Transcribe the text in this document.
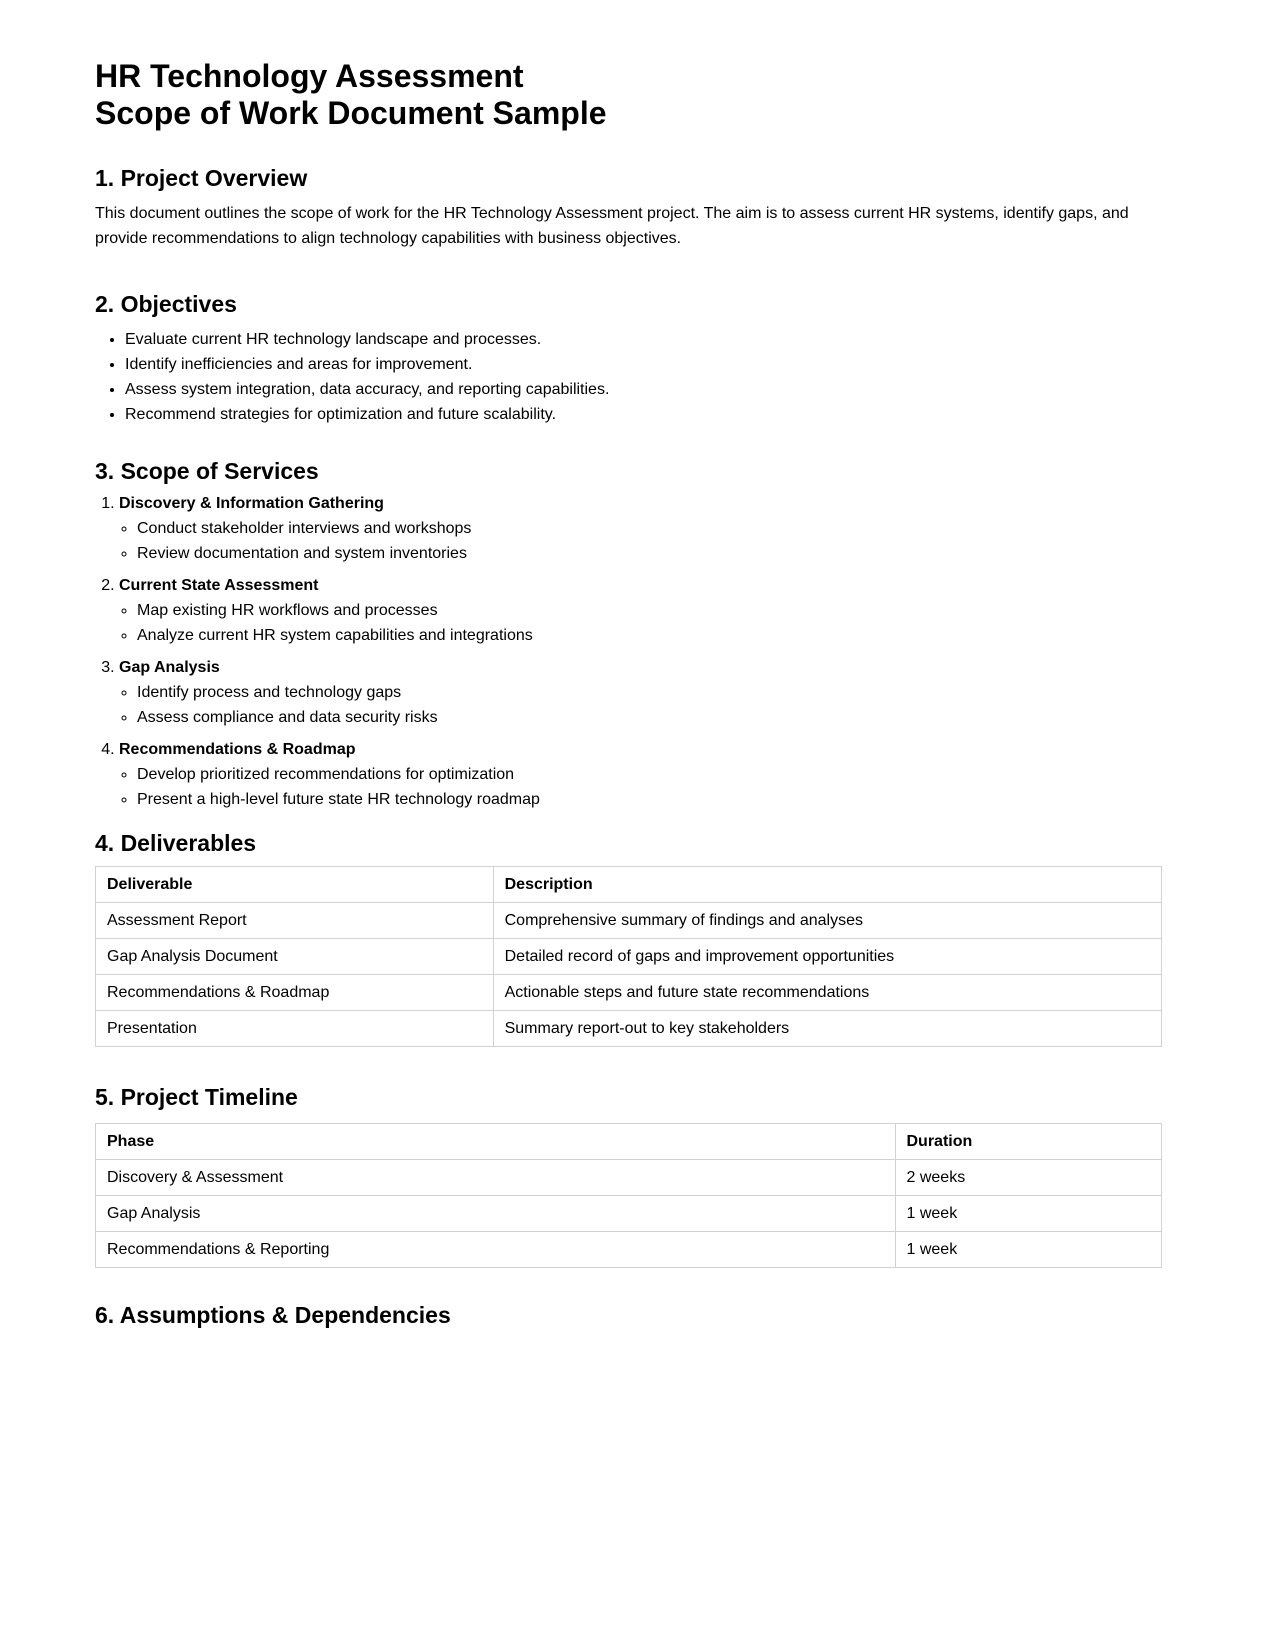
HR Technology Assessment
Scope of Work Document Sample
1. Project Overview

This document outlines the scope of work for the HR Technology Assessment project. The aim is to assess current HR systems, identify gaps, and provide recommendations to align technology capabilities with business objectives.

2. Objectives
• Evaluate current HR technology landscape and processes.
• Identify inefficiencies and areas for improvement.
• Assess system integration, data accuracy, and reporting capabilities.
• Recommend strategies for optimization and future scalability.
3. Scope of Services
1. Discovery & Information Gathering
◦ Conduct stakeholder interviews and workshops
◦ Review documentation and system inventories
2. Current State Assessment
◦ Map existing HR workflows and processes
◦ Analyze current HR system capabilities and integrations
3. Gap Analysis
◦ Identify process and technology gaps
◦ Assess compliance and data security risks
4. Recommendations & Roadmap
◦ Develop prioritized recommendations for optimization
◦ Present a high-level future state HR technology roadmap
4. Deliverables
Deliverable	Description
Assessment Report	Comprehensive summary of findings and analyses
Gap Analysis Document	Detailed record of gaps and improvement opportunities
Recommendations & Roadmap	Actionable steps and future state recommendations
Presentation	Summary report-out to key stakeholders
5. Project Timeline
Phase	Duration
Discovery & Assessment	2 weeks
Gap Analysis	1 week
Recommendations & Reporting	1 week
6. Assumptions & Dependencies
